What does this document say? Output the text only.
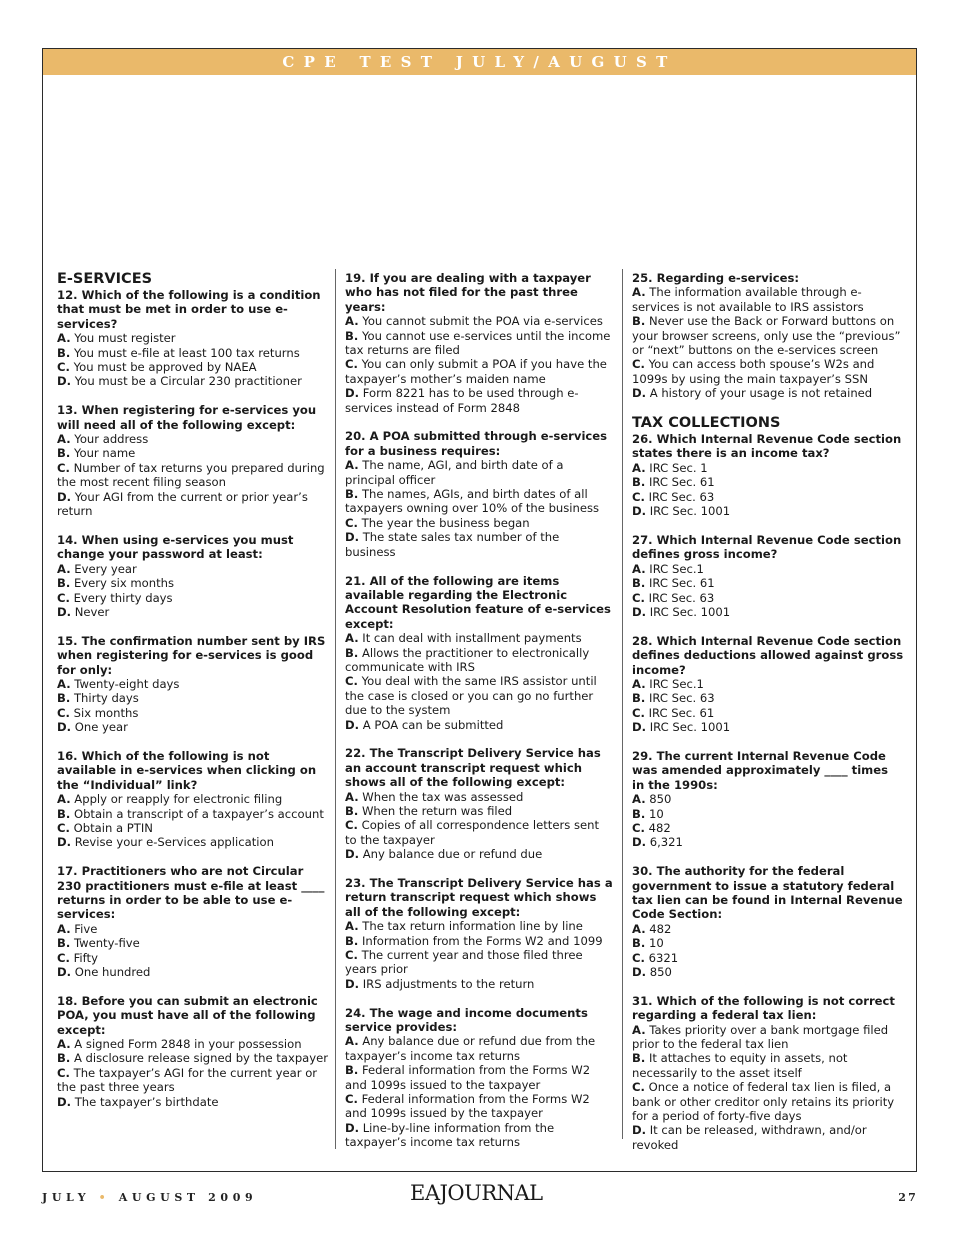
CPE TEST JULY/AUGUST
E-SERVICES
12. Which of the following is a condition that must be met in order to use e-services?
A. You must register
B. You must e-file at least 100 tax returns
C. You must be approved by NAEA
D. You must be a Circular 230 practitioner
13. When registering for e-services you will need all of the following except:
A. Your address
B. Your name
C. Number of tax returns you prepared during the most recent filing season
D. Your AGI from the current or prior year’s return
14. When using e-services you must change your password at least:
A. Every year
B. Every six months
C. Every thirty days
D. Never
15. The confirmation number sent by IRS when registering for e-services is good for only:
A. Twenty-eight days
B. Thirty days
C. Six months
D. One year
16. Which of the following is not available in e-services when clicking on the “Individual” link?
A. Apply or reapply for electronic filing
B. Obtain a transcript of a taxpayer’s account
C. Obtain a PTIN
D. Revise your e-Services application
17. Practitioners who are not Circular 230 practitioners must e-file at least ____ returns in order to be able to use e-services:
A. Five
B. Twenty-five
C. Fifty
D. One hundred
18. Before you can submit an electronic POA, you must have all of the following except:
A. A signed Form 2848 in your possession
B. A disclosure release signed by the taxpayer
C. The taxpayer’s AGI for the current year or the past three years
D. The taxpayer’s birthdate
19. If you are dealing with a taxpayer who has not filed for the past three years:
A. You cannot submit the POA via e-services
B. You cannot use e-services until the income tax returns are filed
C. You can only submit a POA if you have the taxpayer’s mother’s maiden name
D. Form 8221 has to be used through e-services instead of Form 2848
20. A POA submitted through e-services for a business requires:
A. The name, AGI, and birth date of a principal officer
B. The names, AGIs, and birth dates of all taxpayers owning over 10% of the business
C. The year the business began
D. The state sales tax number of the business
21. All of the following are items available regarding the Electronic Account Resolution feature of e-services except:
A. It can deal with installment payments
B. Allows the practitioner to electronically communicate with IRS
C. You deal with the same IRS assistor until the case is closed or you can go no further due to the system
D. A POA can be submitted
22. The Transcript Delivery Service has an account transcript request which shows all of the following except:
A. When the tax was assessed
B. When the return was filed
C. Copies of all correspondence letters sent to the taxpayer
D. Any balance due or refund due
23. The Transcript Delivery Service has a return transcript request which shows all of the following except:
A. The tax return information line by line
B. Information from the Forms W2 and 1099
C. The current year and those filed three years prior
D. IRS adjustments to the return
24. The wage and income documents service provides:
A. Any balance due or refund due from the taxpayer’s income tax returns
B. Federal information from the Forms W2 and 1099s issued to the taxpayer
C. Federal information from the Forms W2 and 1099s issued by the taxpayer
D. Line-by-line information from the taxpayer’s income tax returns
25. Regarding e-services:
A. The information available through e-services is not available to IRS assistors
B. Never use the Back or Forward buttons on your browser screens, only use the “previous” or “next” buttons on the e-services screen
C. You can access both spouse’s W2s and 1099s by using the main taxpayer’s SSN
D. A history of your usage is not retained
TAX COLLECTIONS
26. Which Internal Revenue Code section states there is an income tax?
A. IRC Sec. 1
B. IRC Sec. 61
C. IRC Sec. 63
D. IRC Sec. 1001
27. Which Internal Revenue Code section defines gross income?
A. IRC Sec.1
B. IRC Sec. 61
C. IRC Sec. 63
D. IRC Sec. 1001
28. Which Internal Revenue Code section defines deductions allowed against gross income?
A. IRC Sec.1
B. IRC Sec. 63
C. IRC Sec. 61
D. IRC Sec. 1001
29. The current Internal Revenue Code was amended approximately ____ times in the 1990s:
A. 850
B. 10
C. 482
D. 6,321
30. The authority for the federal government to issue a statutory federal tax lien can be found in Internal Revenue Code Section:
A. 482
B. 10
C. 6321
D. 850
31. Which of the following is not correct regarding a federal tax lien:
A. Takes priority over a bank mortgage filed prior to the federal tax lien
B. It attaches to equity in assets, not necessarily to the asset itself
C. Once a notice of federal tax lien is filed, a bank or other creditor only retains its priority for a period of forty-five days
D. It can be released, withdrawn, and/or revoked
JULY • AUGUST 2009	EAJOURNAL	27
